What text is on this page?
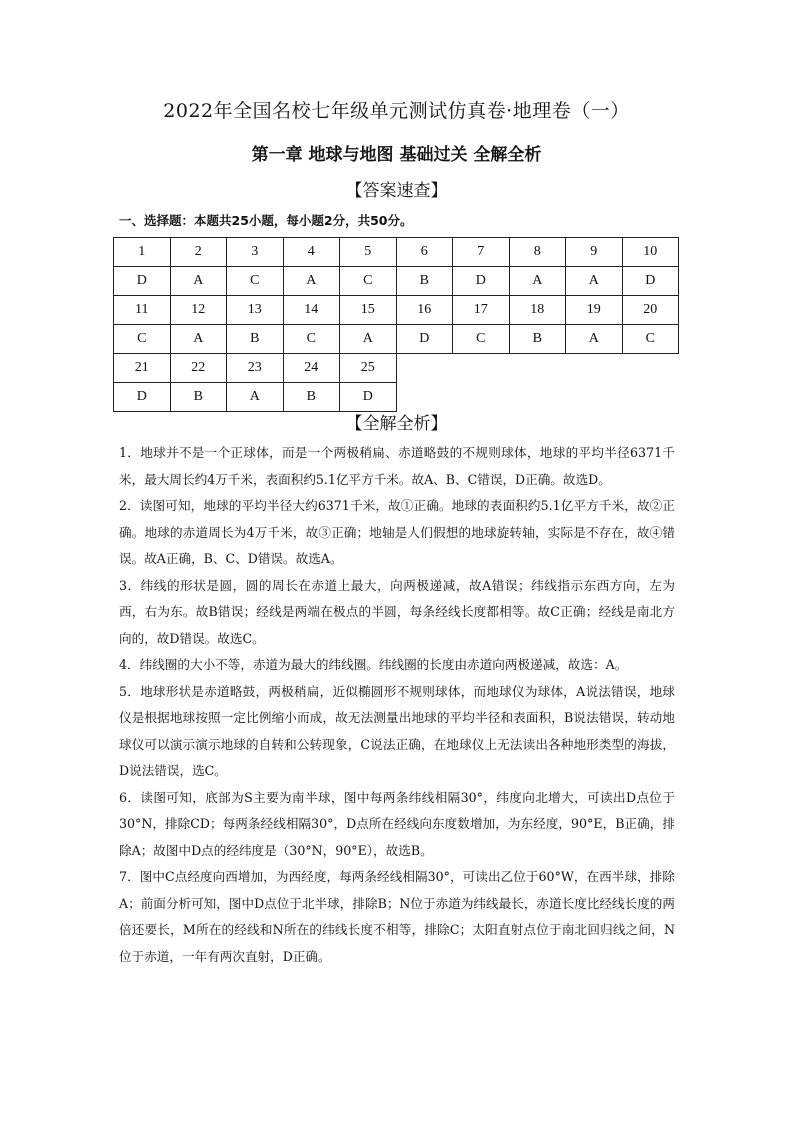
2022年全国名校七年级单元测试仿真卷·地理卷（一）
第一章 地球与地图 基础过关 全解全析
【答案速查】
一、选择题：本题共25小题，每小题2分，共50分。
1	2	3	4	5	6	7	8	9	10
D	A	C	A	C	B	D	A	A	D
11	12	13	14	15	16	17	18	19	20
C	A	B	C	A	D	C	B	A	C
21	22	23	24	25					
D	B	A	B	D					
【全解全析】

1．地球并不是一个正球体，而是一个两极稍扁、赤道略鼓的不规则球体，地球的平均半径6371千米，最大周长约4万千米，表面积约5.1亿平方千米。故A、B、C错误，D正确。故选D。

2．读图可知，地球的平均半径大约6371千米，故①正确。地球的表面积约5.1亿平方千米，故②正确。地球的赤道周长为4万千米，故③正确；地轴是人们假想的地球旋转轴，实际是不存在，故④错误。故A正确，B、C、D错误。故选A。

3．纬线的形状是圆，圆的周长在赤道上最大，向两极递减，故A错误；纬线指示东西方向，左为西，右为东。故B错误；经线是两端在极点的半圆，每条经线长度都相等。故C正确；经线是南北方向的，故D错误。故选C。

4．纬线圈的大小不等，赤道为最大的纬线圈。纬线圈的长度由赤道向两极递减，故选：A。

5．地球形状是赤道略鼓，两极稍扁，近似椭圆形不规则球体，而地球仪为球体，A说法错误，地球仪是根据地球按照一定比例缩小而成，故无法测量出地球的平均半径和表面积，B说法错误，转动地球仪可以演示演示地球的自转和公转现象，C说法正确，在地球仪上无法读出各种地形类型的海拔，D说法错误，选C。

6．读图可知，底部为S主要为南半球，图中每两条纬线相隔30°，纬度向北增大，可读出D点位于30°N，排除CD；每两条经线相隔30°，D点所在经线向东度数增加，为东经度，90°E，B正确，排除A；故图中D点的经纬度是（30°N，90°E），故选B。

7．图中C点经度向西增加，为西经度，每两条经线相隔30°，可读出乙位于60°W，在西半球，排除A；前面分析可知，图中D点位于北半球，排除B；N位于赤道为纬线最长，赤道长度比经线长度的两倍还要长，M所在的经线和N所在的纬线长度不相等，排除C；太阳直射点位于南北回归线之间，N位于赤道，一年有两次直射，D正确。
